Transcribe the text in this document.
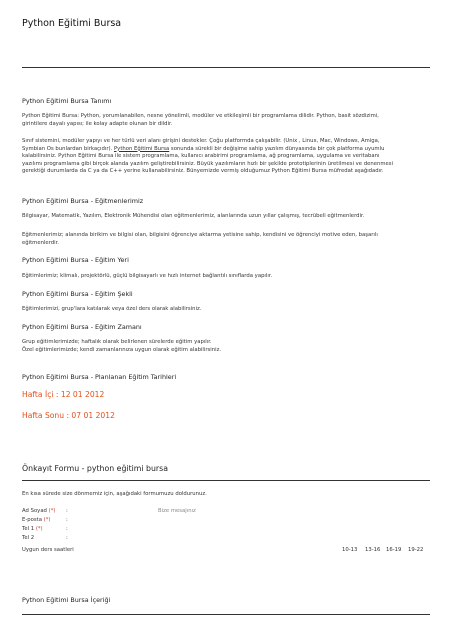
Python Eğitimi Bursa
Python Eğitimi Bursa Tanımı
Python Eğitimi Bursa: Python, yorumlanabilen, nesne yönelimli, modüler ve etkileşimli bir programlama dilidir. Python, basit sözdizimi,
girintilere dayalı yapısı; ile kolay adapte olunan bir dildir.
Sınıf sistemini, modüler yapıyı ve her türlü veri alanı girişini destekler. Çoğu platformda çalışabilir. (Unix , Linux, Mac, Windows, Amiga,
Symbian Os bunlardan birkaçıdır). Python Eğitimi Bursa sonunda sürekli bir değişime sahip yazılım dünyasında bir çok platforma uyumlu
kalabilirsiniz. Python Eğitimi Bursa ile sistem programlama, kullanıcı arabirimi programlama, ağ programlama, uygulama ve veritabanı
yazılımı programlama gibi birçok alanda yazılım geliştirebilirsiniz. Büyük yazılımların hızlı bir şekilde prototiplerinin üretilmesi ve denenmesi
gerektiği durumlarda da C ya da C++ yerine kullanabilirsiniz. Bünyemizde vermiş olduğumuz Python Eğitimi Bursa müfredat aşağıdadır.
Python Eğitimi Bursa - Eğitmenlerimiz
Bilgisayar, Matematik, Yazılım, Elektronik Mühendisi olan eğitmenlerimiz, alanlarında uzun yıllar çalışmış, tecrübeli eğitmenlerdir.
Eğitmenlerimiz; alanında birikim ve bilgisi olan, bilgisini öğrenciye aktarma yetisine sahip, kendisini ve öğrenciyi motive eden, başarılı
eğitmenlerdir.
Python Eğitimi Bursa - Eğitim Yeri
Eğitimlerimiz; klimalı, projektörlü, güçlü bilgisayarlı ve hızlı internet bağlantılı sınıflarda yapılır.
Python Eğitimi Bursa - Eğitim Şekli
Eğitimlerimizi, grup'lara katılarak veya özel ders olarak alabilirsiniz.
Python Eğitimi Bursa - Eğitim Zamanı
Grup eğitimlerimizde; haftalık olarak belirlenen sürelerde eğitim yapılır.
Özel eğitimlerimizde; kendi zamanlarınıza uygun olarak eğitim alabilirsiniz.
Python Eğitimi Bursa - Planlanan Eğitim Tarihleri
Hafta İçi : 12 01 2012
Hafta Sonu : 07 01 2012
Önkayıt Formu - python eğitimi bursa
En kısa sürede size dönmemiz için, aşağıdaki formumuzu doldurunuz.
Ad Soyad (*) :
E-posta (*)	:
Tel 1 (*)	:
Tel 2	:
Bize mesajınız
Uygun ders saatleri	10-13 13-16 16-19 19-22
Python Eğitimi Bursa İçeriği
